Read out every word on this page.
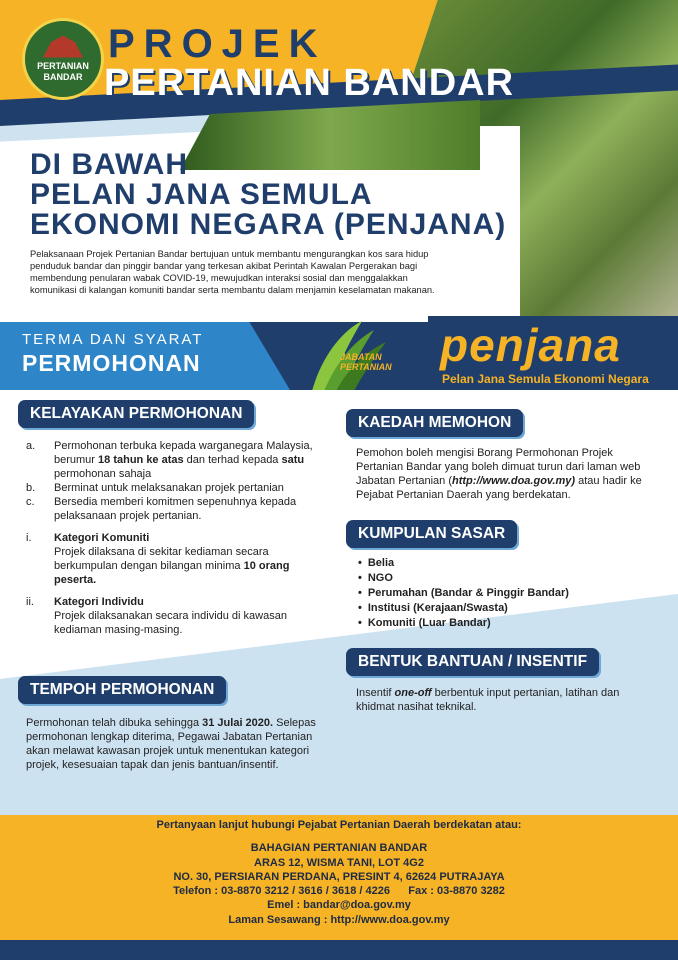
PERTANIAN
BANDAR
PROJEK
PERTANIAN BANDAR
DI BAWAH
PELAN JANA SEMULA
EKONOMI NEGARA (PENJANA)
Pelaksanaan Projek Pertanian Bandar bertujuan untuk membantu mengurangkan kos sara hidup penduduk bandar dan pinggir bandar yang terkesan akibat Perintah Kawalan Pergerakan bagi membendung penularan wabak COVID-19, mewujudkan interaksi sosial dan menggalakkan komunikasi di kalangan komuniti bandar serta membantu dalam menjamin keselamatan makanan.
TERMA DAN SYARAT
PERMOHONAN	JABATAN
PERTANIAN penjana
Pelan Jana Semula Ekonomi Negara
KELAYAKAN PERMOHONAN
a.	Permohonan terbuka kepada warganegara Malaysia, berumur 18 tahun ke atas dan terhad kepada satu permohonan sahaja
b.	Berminat untuk melaksanakan projek pertanian
c.	Bersedia memberi komitmen sepenuhnya kepada pelaksanaan projek pertanian.
i.	Kategori Komuniti
Projek dilaksana di sekitar kediaman secara berkumpulan dengan bilangan minima 10 orang peserta.
ii.	Kategori Individu
Projek dilaksanakan secara individu di kawasan kediaman masing-masing.
TEMPOH PERMOHONAN
Permohonan telah dibuka sehingga 31 Julai 2020. Selepas permohonan lengkap diterima, Pegawai Jabatan Pertanian akan melawat kawasan projek untuk menentukan kategori projek, kesesuaian tapak dan jenis bantuan/insentif.
KAEDAH MEMOHON
Pemohon boleh mengisi Borang Permohonan Projek Pertanian Bandar yang boleh dimuat turun dari laman web Jabatan Pertanian (http://www.doa.gov.my) atau hadir ke Pejabat Pertanian Daerah yang berdekatan.
KUMPULAN SASAR
• Belia
• NGO
• Perumahan (Bandar & Pinggir Bandar)
• Institusi (Kerajaan/Swasta)
• Komuniti (Luar Bandar)
BENTUK BANTUAN / INSENTIF
Insentif one-off berbentuk input pertanian, latihan dan khidmat nasihat teknikal.
Pertanyaan lanjut hubungi Pejabat Pertanian Daerah berdekatan atau:
BAHAGIAN PERTANIAN BANDAR
ARAS 12, WISMA TANI, LOT 4G2
NO. 30, PERSIARAN PERDANA, PRESINT 4, 62624 PUTRAJAYA
Telefon : 03-8870 3212 / 3616 / 3618 / 4226      Fax : 03-8870 3282
Emel : bandar@doa.gov.my
Laman Sesawang : http://www.doa.gov.my
